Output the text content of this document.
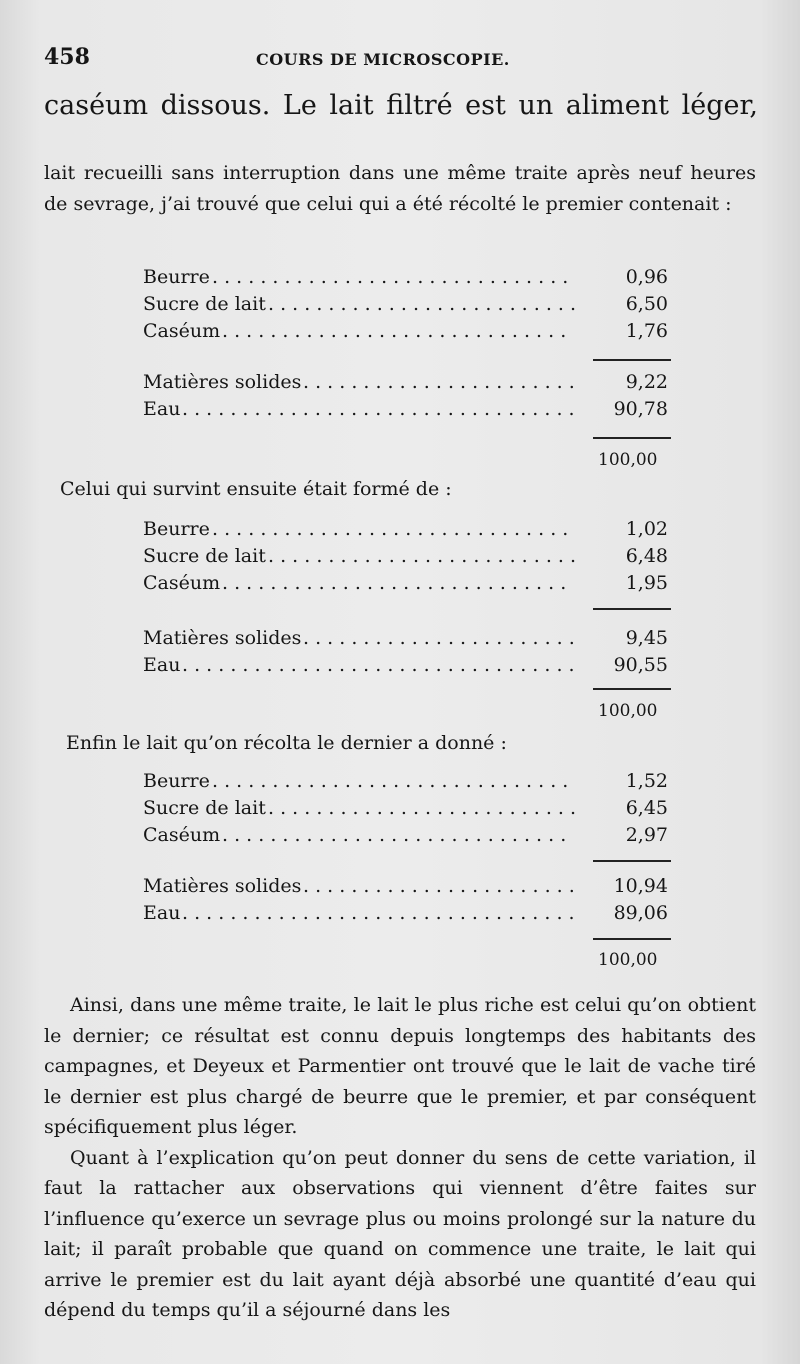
458	COURS DE MICROSCOPIE.
caséum dissous. Le lait filtré est un aliment léger,

lait recueilli sans interruption dans une même traite après neuf heures de sevrage, j’ai trouvé que celui qui a été récolté le premier contenait :

Beurre . . . . . . . . . . . . . . . . . . . . . . . . . . . . . .	0,96
Sucre de lait . . . . . . . . . . . . . . . . . . . . . . . . . .	6,50
Caséum . . . . . . . . . . . . . . . . . . . . . . . . . . . . .	1,76
Matières solides . . . . . . . . . . . . . . . . . . . . . . .	9,22
Eau . . . . . . . . . . . . . . . . . . . . . . . . . . . . . . . . . 90,78
100,00
Celui qui survint ensuite était formé de :
Beurre . . . . . . . . . . . . . . . . . . . . . . . . . . . . . .	1,02
Sucre de lait . . . . . . . . . . . . . . . . . . . . . . . . . .	6,48
Caséum . . . . . . . . . . . . . . . . . . . . . . . . . . . . .	1,95
Matières solides . . . . . . . . . . . . . . . . . . . . . . .	9,45
Eau . . . . . . . . . . . . . . . . . . . . . . . . . . . . . . . . . 90,55
100,00
Enfin le lait qu’on récolta le dernier a donné :
Beurre . . . . . . . . . . . . . . . . . . . . . . . . . . . . . .	1,52
Sucre de lait . . . . . . . . . . . . . . . . . . . . . . . . . .	6,45
Caséum . . . . . . . . . . . . . . . . . . . . . . . . . . . . .	2,97
Matières solides . . . . . . . . . . . . . . . . . . . . . . . 10,94
Eau . . . . . . . . . . . . . . . . . . . . . . . . . . . . . . . . . 89,06
100,00

Ainsi, dans une même traite, le lait le plus riche est celui qu’on obtient le dernier; ce résultat est connu depuis longtemps des habitants des campagnes, et Deyeux et Parmentier ont trouvé que le lait de vache tiré le dernier est plus chargé de beurre que le premier, et par conséquent spécifiquement plus léger.

Quant à l’explication qu’on peut donner du sens de cette variation, il faut la rattacher aux observations qui viennent d’être faites sur l’influence qu’exerce un sevrage plus ou moins prolongé sur la nature du lait; il paraît probable que quand on commence une traite, le lait qui arrive le premier est du lait ayant déjà absorbé une quantité d’eau qui dépend du temps qu’il a séjourné dans les
